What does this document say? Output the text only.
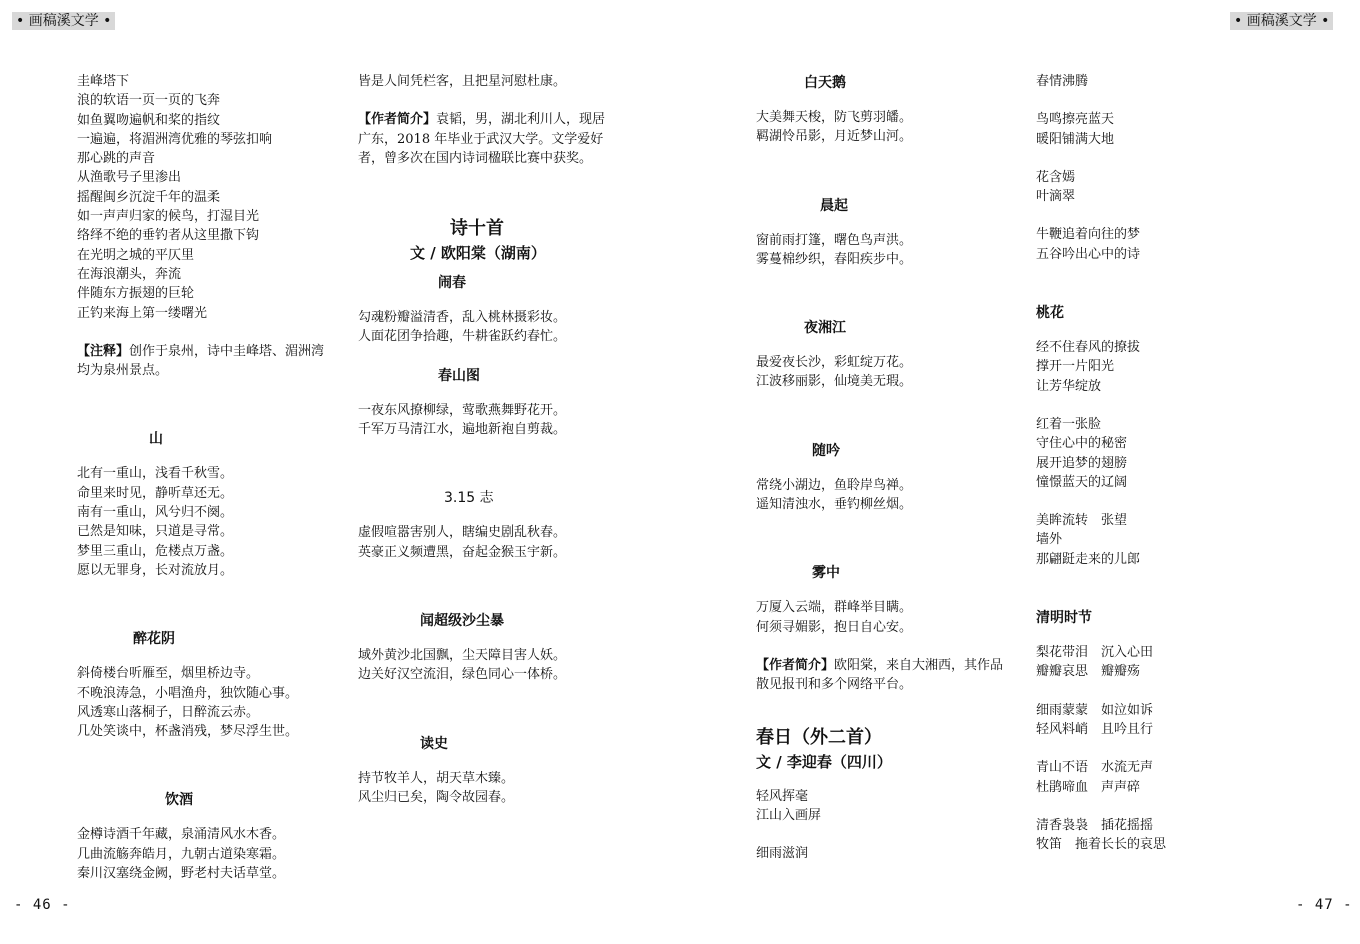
• 画稿溪文学 •	• 画稿溪文学 •
圭峰塔下
浪的软语一页一页的飞奔
如鱼翼吻遍帆和桨的指纹
一遍遍，将湄洲湾优雅的琴弦扣响
那心跳的声音
从渔歌号子里渗出
摇醒闽乡沉淀千年的温柔
如一声声归家的候鸟，打湿目光
络绎不绝的垂钓者从这里撒下钩
在光明之城的平仄里
在海浪潮头，奔流
伴随东方振翅的巨轮
正钓来海上第一缕曙光
【注释】创作于泉州，诗中圭峰塔、湄洲湾均为泉州景点。
山
北有一重山，浅看千秋雪。
命里来时见，静听草还无。
南有一重山，风兮归不阕。
已然是知味，只道是寻常。
梦里三重山，危楼点万盏。
愿以无罪身，长对流放月。
醉花阴
斜倚楼台听雁至，烟里桥边寺。
不晚浪涛急，小唱渔舟，独饮随心事。
风透寒山落桐子，日醉流云赤。
几处笑谈中，杯盏消残，梦尽浮生世。
饮酒
金樽诗酒千年藏，泉涌清风水木香。
几曲流觞奔皓月，九朝古道染寒霜。
秦川汉塞绕金阙，野老村夫话草堂。
皆是人间凭栏客，且把星河慰杜康。
【作者简介】袁韬，男，湖北利川人，现居广东，2018 年毕业于武汉大学。文学爱好者，曾多次在国内诗词楹联比赛中获奖。
诗十首
文 / 欧阳棠（湖南）
闹春
勾魂粉瓣溢清香，乱入桃林摄彩妆。
人面花团争拾趣，牛耕雀跃约春忙。
春山图
一夜东风撩柳绿，莺歌燕舞野花开。
千军万马清江水，遍地新袍自剪裁。
3.15 志
虚假喧嚣害别人，瞎编史剧乱秋春。
英豪正义频遭黑，奋起金猴玉宇新。
闻超级沙尘暴
域外黄沙北国飘，尘天障目害人妖。
边关好汉空流泪，绿色同心一体桥。
读史
持节牧羊人，胡天草木臻。
风尘归已矣，陶令故园春。
白天鹅
大美舞天梭，防飞剪羽皤。
羁湖怜吊影，月近梦山河。
晨起
窗前雨打篷，曙色鸟声洪。
雾蔓棉纱织，春阳疾步中。
夜湘江
最爱夜长沙，彩虹绽万花。
江波移丽影，仙境美无瑕。
随吟
常绕小湖边，鱼聆岸鸟禅。
遥知清浊水，垂钓柳丝烟。
雾中
万厦入云端，群峰举目瞒。
何须寻媚影，抱日自心安。
【作者简介】欧阳棠，来自大湘西，其作品散见报刊和多个网络平台。
春日（外二首）
文 / 李迎春（四川）
轻风挥毫
江山入画屏
细雨滋润
春情沸腾
鸟鸣擦亮蓝天
暖阳铺满大地
花含嫣
叶滴翠
牛鞭追着向往的梦
五谷吟出心中的诗
桃花
经不住春风的撩拔
撑开一片阳光
让芳华绽放
红着一张脸
守住心中的秘密
展开追梦的翅膀
憧憬蓝天的辽阔
美眸流转　张望
墙外
那翩跹走来的儿郎
清明时节
梨花带泪　沉入心田
瓣瓣哀思　瓣瓣殇
细雨蒙蒙　如泣如诉
轻风料峭　且吟且行
青山不语　水流无声
杜鹃啼血　声声碎
清香袅袅　插花摇摇
牧笛　拖着长长的哀思
- 46 -	- 47 -
